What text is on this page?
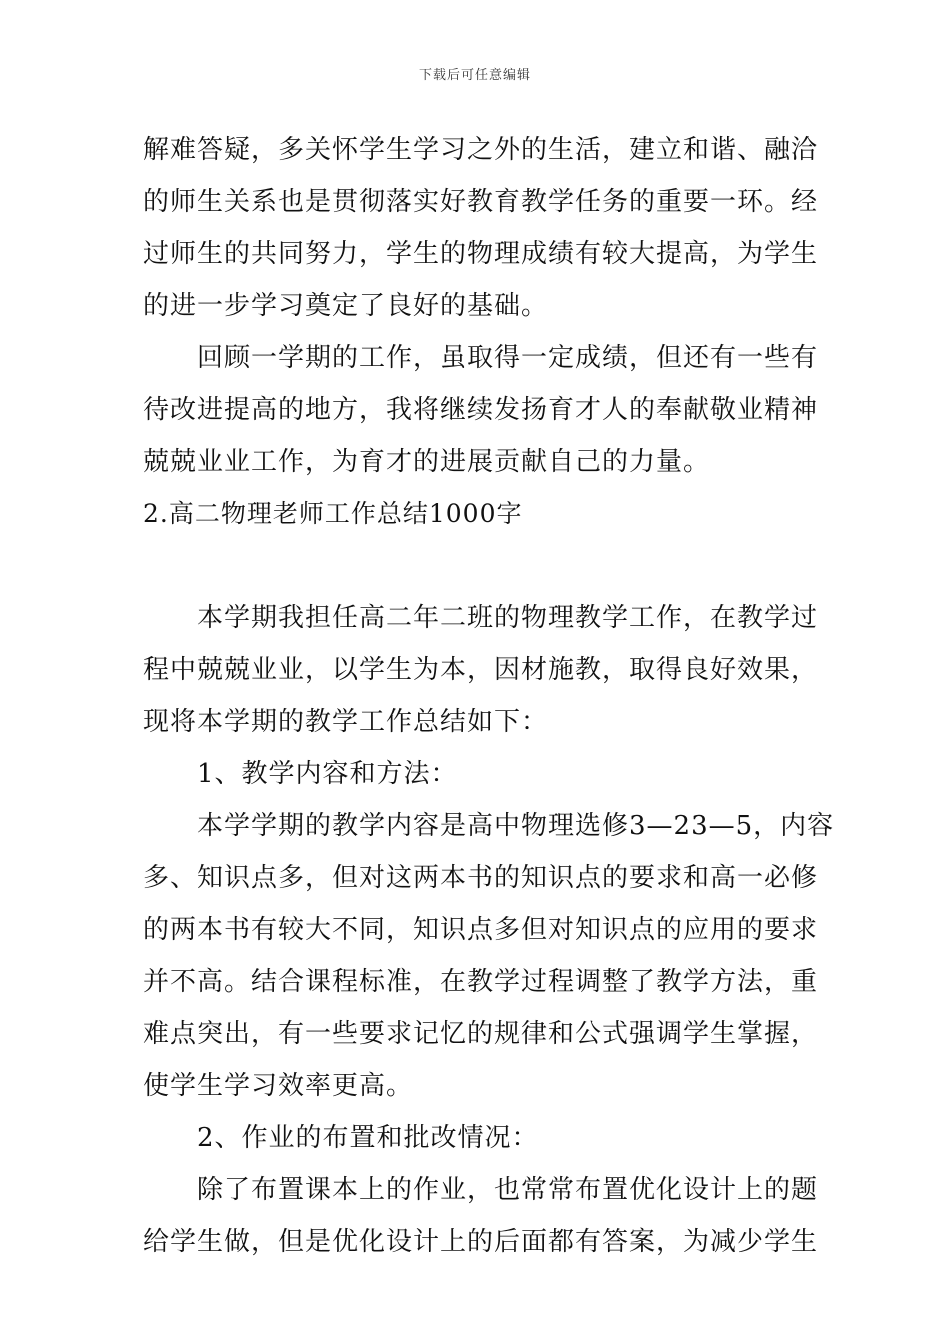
下载后可任意编辑
解难答疑，多关怀学生学习之外的生活，建立和谐、融洽
的师生关系也是贯彻落实好教育教学任务的重要一环。经
过师生的共同努力，学生的物理成绩有较大提高，为学生
的进一步学习奠定了良好的基础。
回顾一学期的工作，虽取得一定成绩，但还有一些有
待改进提高的地方，我将继续发扬育才人的奉献敬业精神
兢兢业业工作，为育才的进展贡献自己的力量。
2.高二物理老师工作总结1000字
本学期我担任高二年二班的物理教学工作，在教学过
程中兢兢业业，以学生为本，因材施教，取得良好效果，
现将本学期的教学工作总结如下：
1、教学内容和方法：
本学学期的教学内容是高中物理选修3—23—5，内容
多、知识点多，但对这两本书的知识点的要求和高一必修
的两本书有较大不同，知识点多但对知识点的应用的要求
并不高。结合课程标准，在教学过程调整了教学方法，重
难点突出，有一些要求记忆的规律和公式强调学生掌握，
使学生学习效率更高。
2、作业的布置和批改情况：
除了布置课本上的作业，也常常布置优化设计上的题
给学生做，但是优化设计上的后面都有答案，为减少学生
